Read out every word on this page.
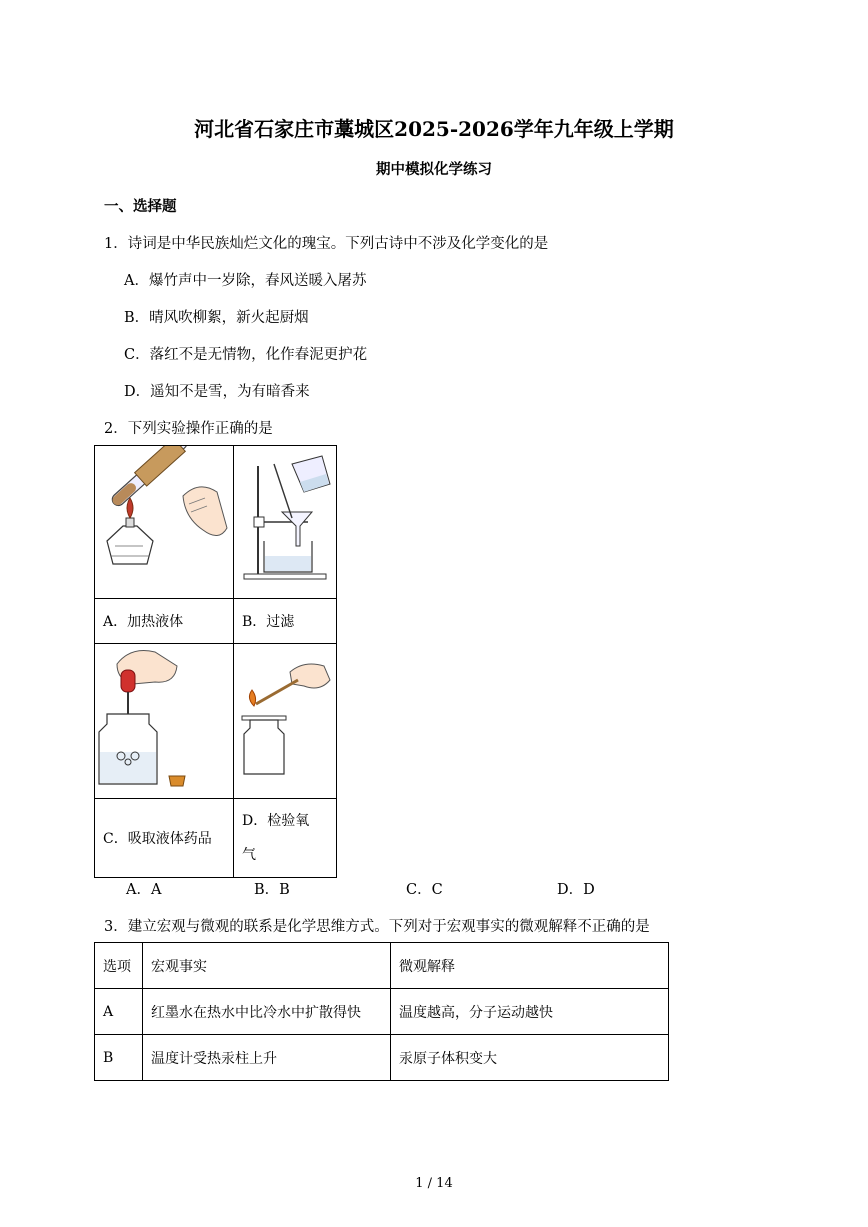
河北省石家庄市藁城区2025-2026学年九年级上学期
期中模拟化学练习
一、选择题
1．诗词是中华民族灿烂文化的瑰宝。下列古诗中不涉及化学变化的是
A．爆竹声中一岁除，春风送暖入屠苏
B．晴风吹柳絮，新火起厨烟
C．落红不是无情物，化作春泥更护花
D．遥知不是雪，为有暗香来
2．下列实验操作正确的是

A．加热液体	B．过滤

C．吸取液体药品	D．检验氧
气
A．A	B．B	C．C	D．D
3．建立宏观与微观的联系是化学思维方式。下列对于宏观事实的微观解释不正确的是
选项	宏观事实	微观解释
A	红墨水在热水中比冷水中扩散得快	温度越高，分子运动越快
B	温度计受热汞柱上升	汞原子体积变大
1 / 14
